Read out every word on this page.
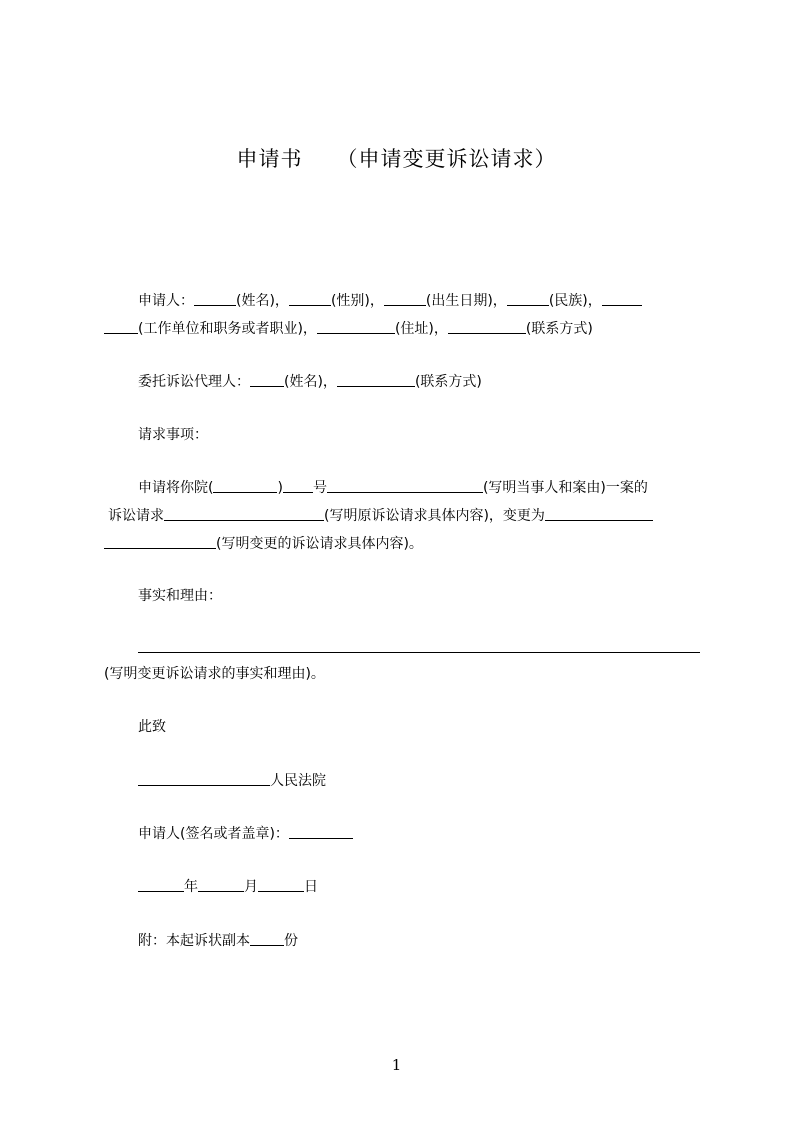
申请书 （申请变更诉讼请求）
申请人：	(姓名)，	(性别)，	(出生日期)，	(民族)，
(工作单位和职务或者职业)，	(住址)，	(联系方式)
委托诉讼代理人： (姓名)，	(联系方式)
请求事项：
申请将你院(	) 号	(写明当事人和案由)一案的
诉讼请求	(写明原诉讼请求具体内容)，变更为
(写明变更的诉讼请求具体内容)。
事实和理由：
(写明变更诉讼请求的事实和理由)。
此致
人民法院
申请人(签名或者盖章)：
年	月	日
附：本起诉状副本 份
1
